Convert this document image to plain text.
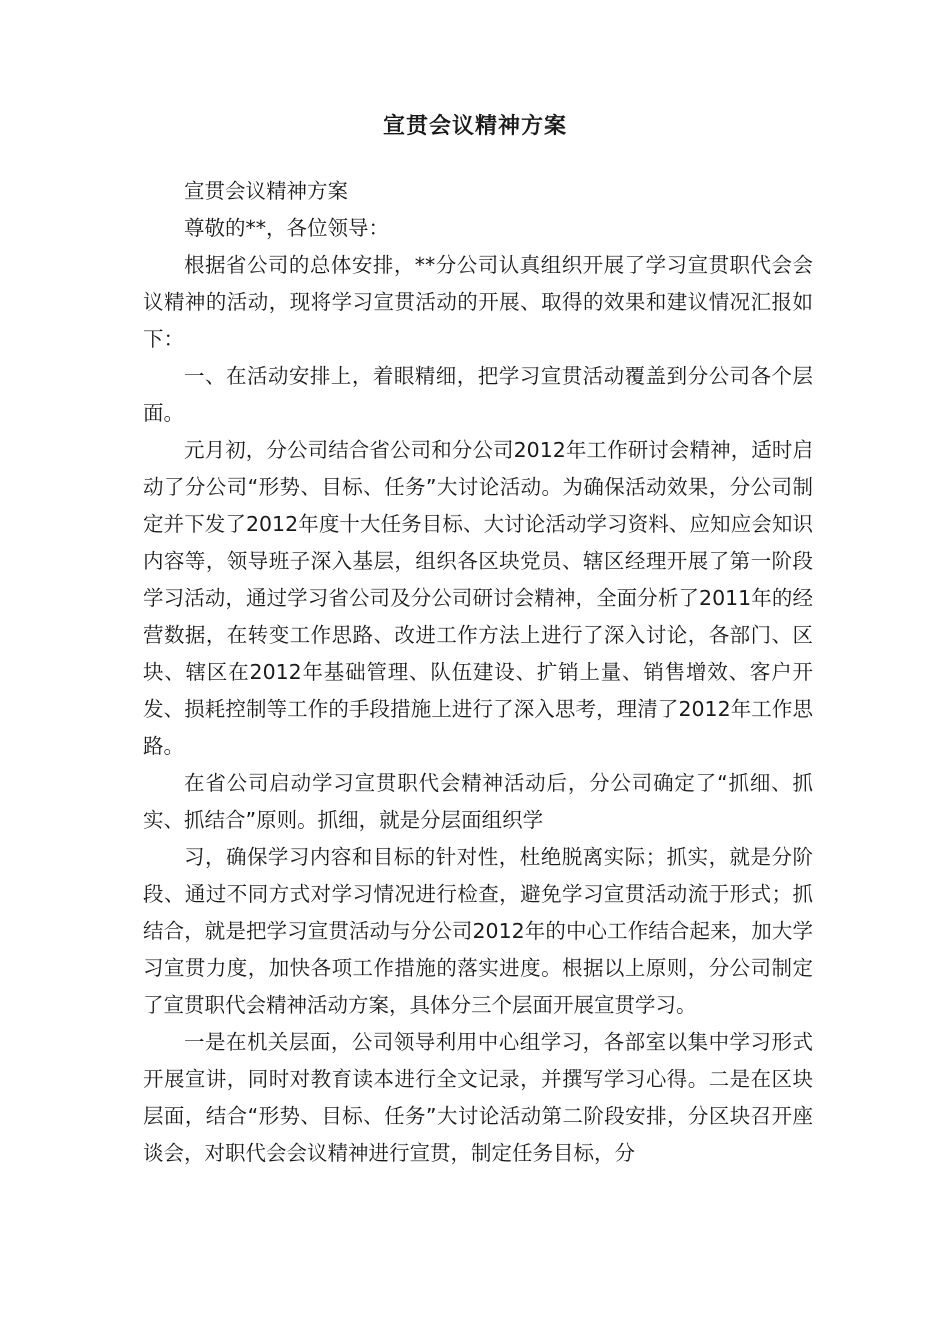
宣贯会议精神方案

宣贯会议精神方案

尊敬的**，各位领导：

根据省公司的总体安排，**分公司认真组织开展了学习宣贯职代会会议精神的活动，现将学习宣贯活动的开展、取得的效果和建议情况汇报如下：

一、在活动安排上，着眼精细，把学习宣贯活动覆盖到分公司各个层面。

元月初，分公司结合省公司和分公司2012年工作研讨会精神，适时启动了分公司“形势、目标、任务”大讨论活动。为确保活动效果，分公司制定并下发了2012年度十大任务目标、大讨论活动学习资料、应知应会知识内容等，领导班子深入基层，组织各区块党员、辖区经理开展了第一阶段学习活动，通过学习省公司及分公司研讨会精神，全面分析了2011年的经营数据，在转变工作思路、改进工作方法上进行了深入讨论，各部门、区块、辖区在2012年基础管理、队伍建设、扩销上量、销售增效、客户开发、损耗控制等工作的手段措施上进行了深入思考，理清了2012年工作思路。

在省公司启动学习宣贯职代会精神活动后，分公司确定了“抓细、抓实、抓结合”原则。抓细，就是分层面组织学

习，确保学习内容和目标的针对性，杜绝脱离实际；抓实，就是分阶段、通过不同方式对学习情况进行检查，避免学习宣贯活动流于形式；抓结合，就是把学习宣贯活动与分公司2012年的中心工作结合起来，加大学习宣贯力度，加快各项工作措施的落实进度。根据以上原则，分公司制定了宣贯职代会精神活动方案，具体分三个层面开展宣贯学习。

一是在机关层面，公司领导利用中心组学习，各部室以集中学习形式开展宣讲，同时对教育读本进行全文记录，并撰写学习心得。二是在区块层面，结合“形势、目标、任务”大讨论活动第二阶段安排，分区块召开座谈会，对职代会会议精神进行宣贯，制定任务目标，分
